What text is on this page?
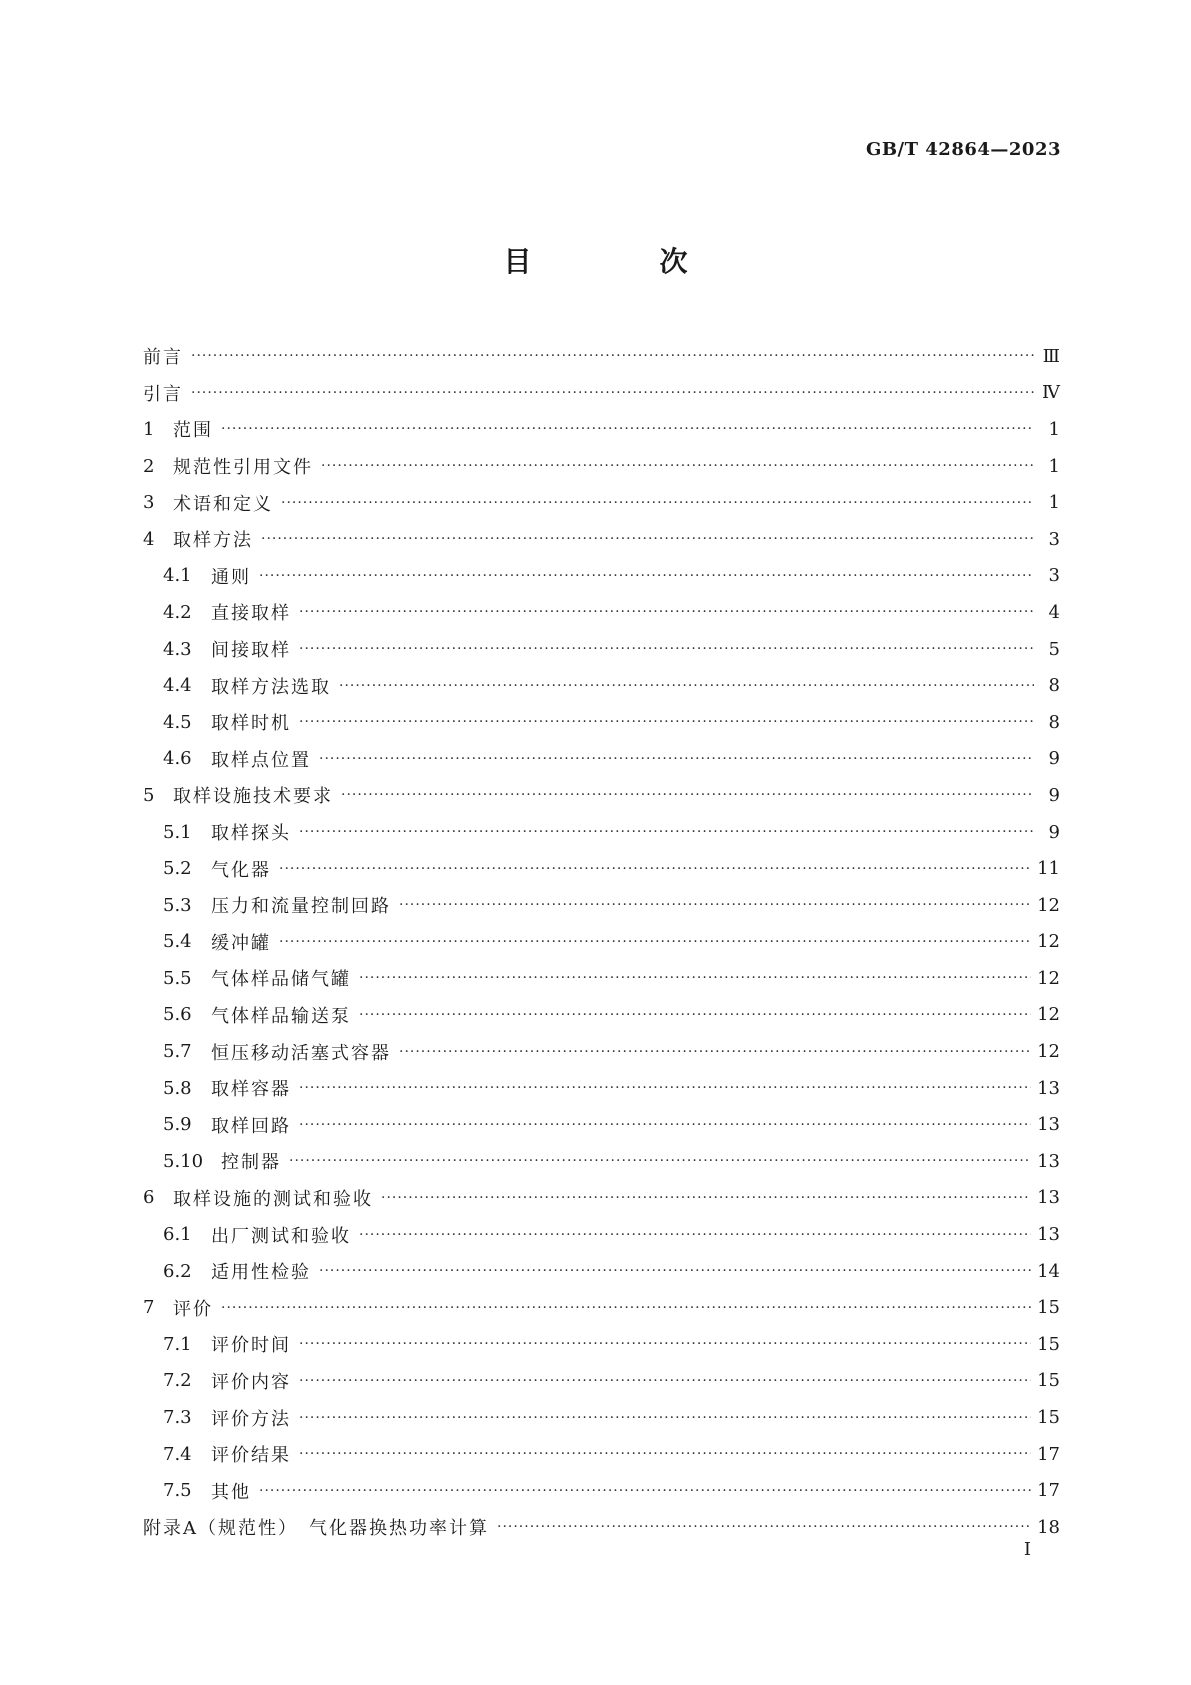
GB/T 42864—2023
目　次
前言 ·····	Ⅲ
引言 ·····	Ⅳ
1	范围 ·····	1
2	规范性引用文件 ·····	1
3	术语和定义 ·····	1
4	取样方法 ·····	3
4.1	通则 ·····	3
4.2	直接取样 ·····	4
4.3	间接取样 ·····	5
4.4	取样方法选取 ·····	8
4.5	取样时机 ·····	8
4.6	取样点位置 ·····	9
5	取样设施技术要求 ·····	9
5.1	取样探头 ·····	9
5.2	气化器 ·····	11
5.3	压力和流量控制回路 ·····	12
5.4	缓冲罐 ·····	12
5.5	气体样品储气罐 ·····	12
5.6	气体样品输送泵 ·····	12
5.7	恒压移动活塞式容器 ·····	12
5.8	取样容器 ·····	13
5.9	取样回路 ·····	13
5.10 控制器 ·····	13
6	取样设施的测试和验收 ·····	13
6.1	出厂测试和验收 ·····	13
6.2	适用性检验 ·····	14
7	评价 ·····	15
7.1	评价时间 ·····	15
7.2	评价内容 ·····	15
7.3	评价方法 ·····	15
7.4	评价结果 ·····	17
7.5	其他 ·····	17
附录A（规范性）　气化器换热功率计算 ·····	18
Ⅰ
